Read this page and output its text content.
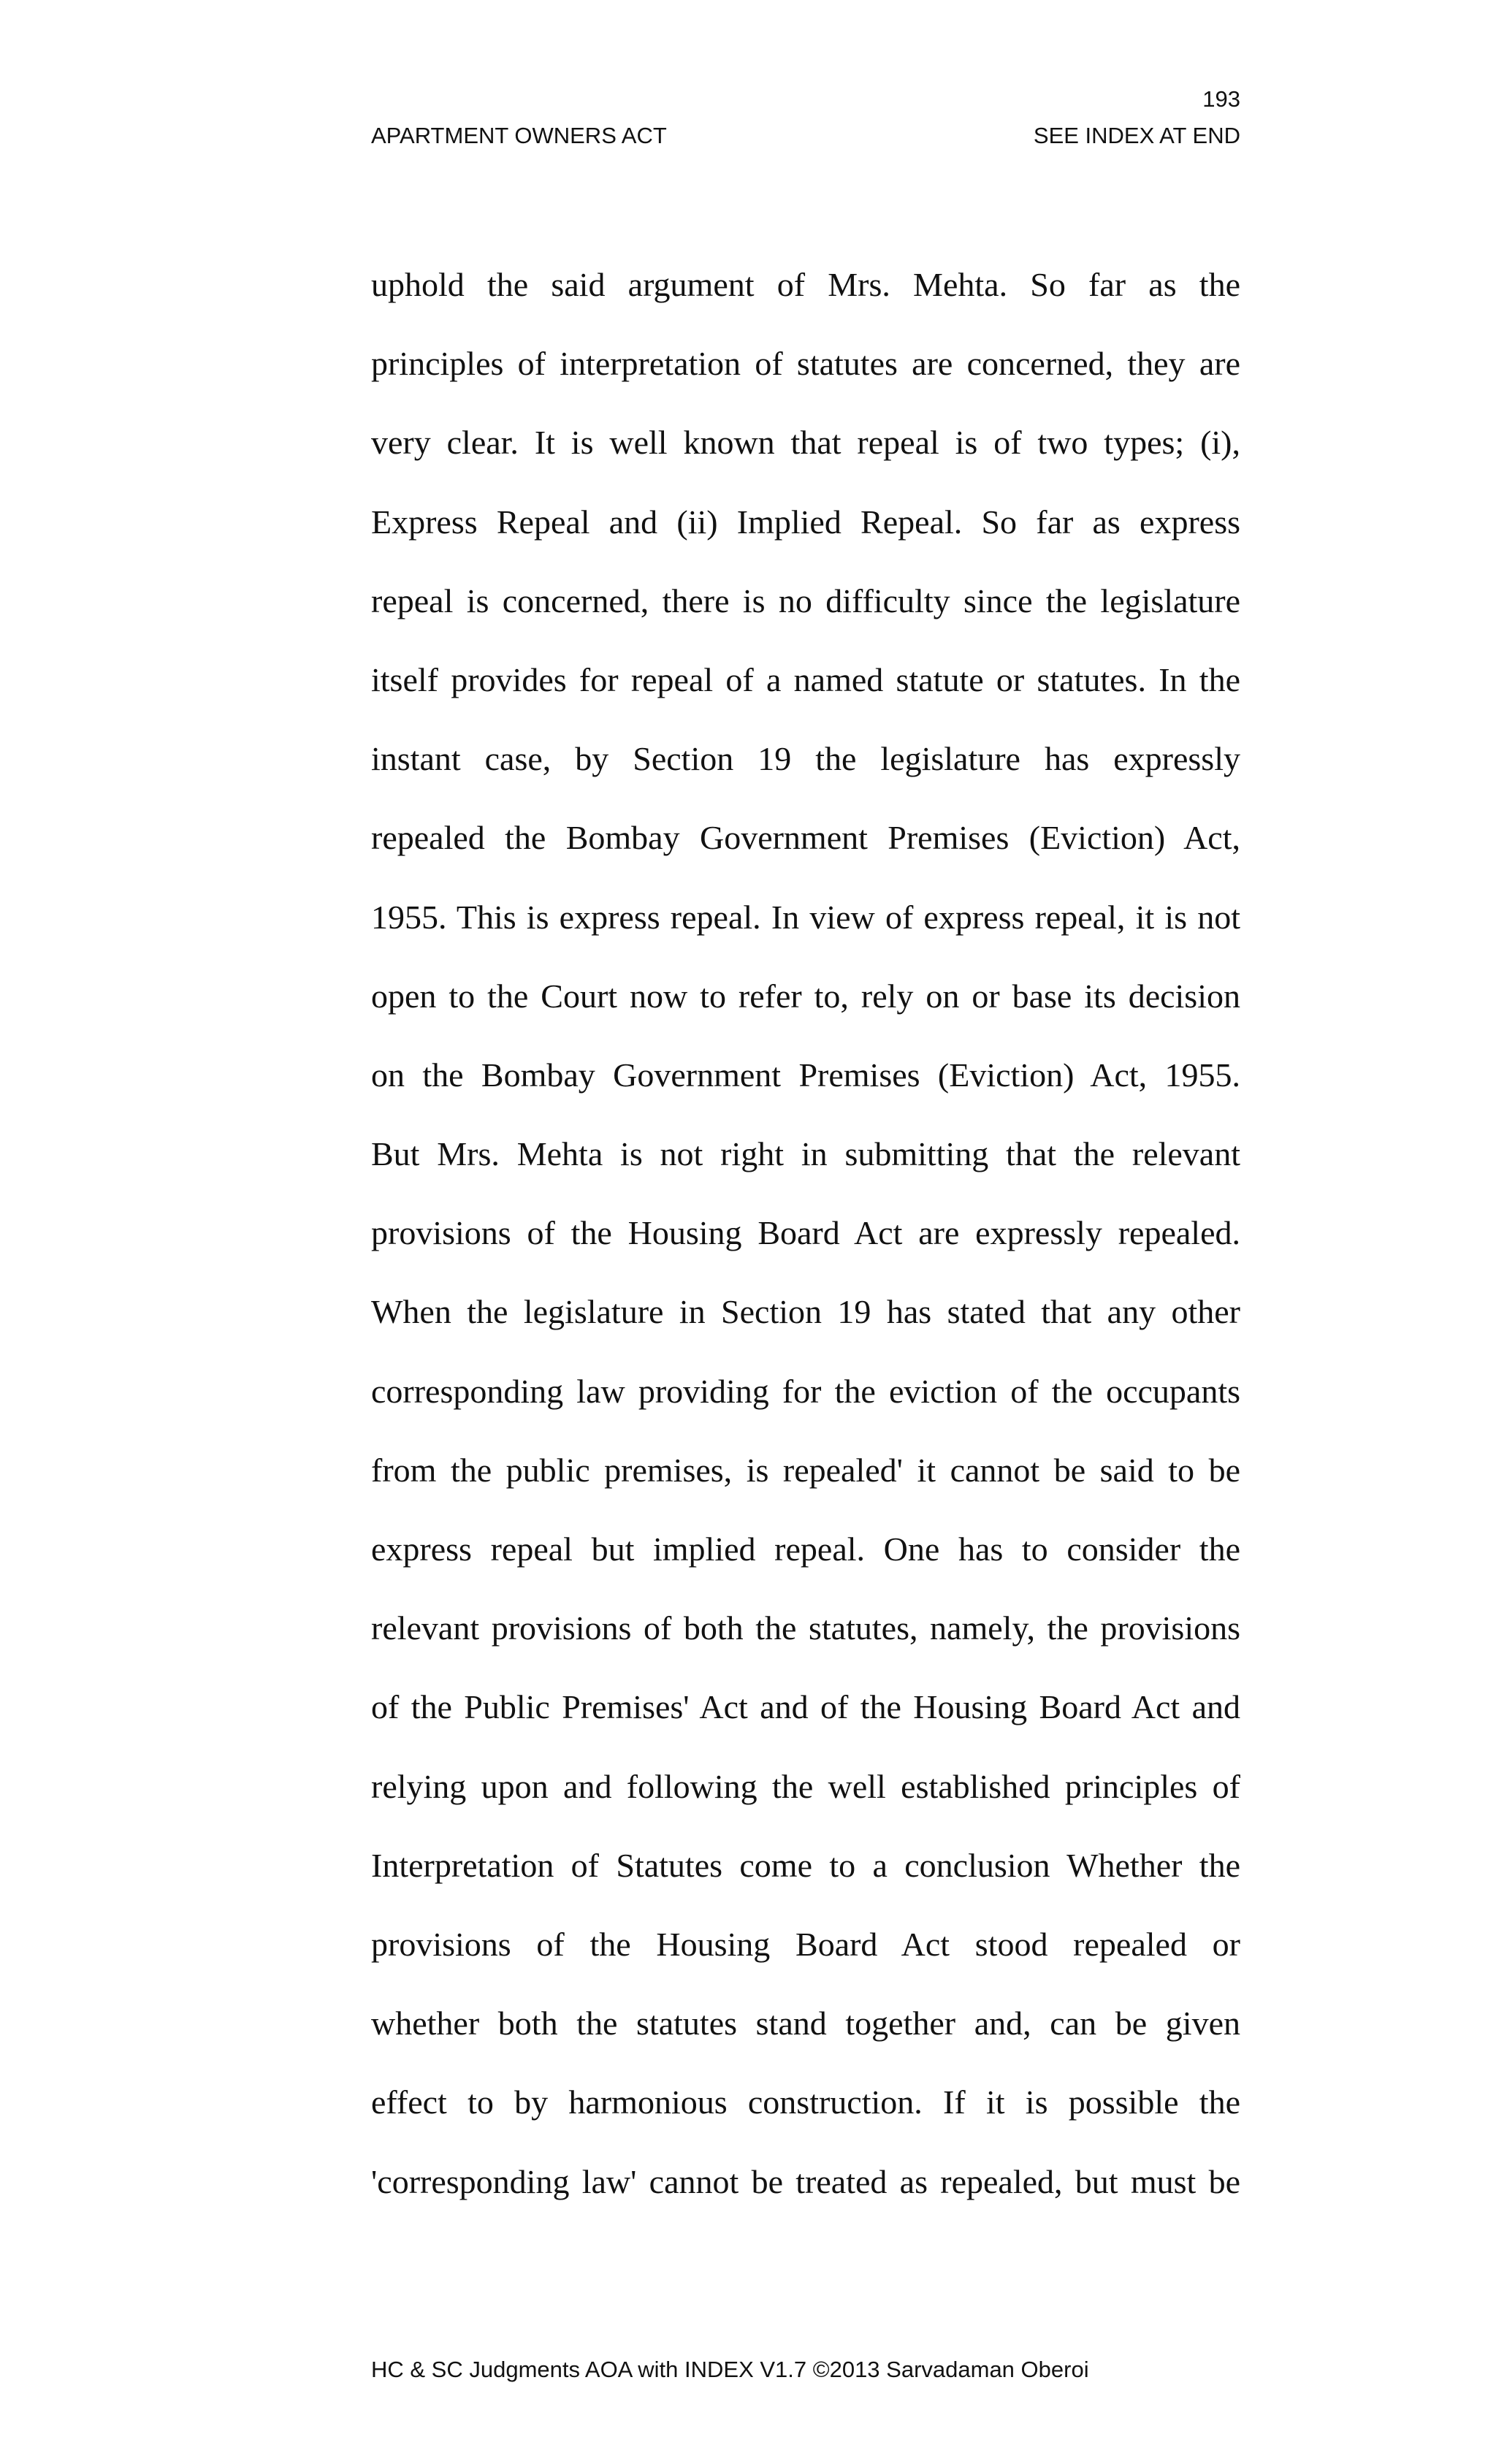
193
APARTMENT OWNERS ACT	SEE INDEX AT END
uphold the said argument of Mrs. Mehta. So far as the
principles of interpretation of statutes are concerned, they are
very clear. It is well known that repeal is of two types; (i),
Express Repeal and (ii) Implied Repeal. So far as express
repeal is concerned, there is no difficulty since the legislature
itself provides for repeal of a named statute or statutes. In the
instant case, by Section 19 the legislature has expressly
repealed the Bombay Government Premises (Eviction) Act,
1955. This is express repeal. In view of express repeal, it is not
open to the Court now to refer to, rely on or base its decision
on the Bombay Government Premises (Eviction) Act, 1955.
But Mrs. Mehta is not right in submitting that the relevant
provisions of the Housing Board Act are expressly repealed.
When the legislature in Section 19 has stated that any other
corresponding law providing for the eviction of the occupants
from the public premises, is repealed' it cannot be said to be
express repeal but implied repeal. One has to consider the
relevant provisions of both the statutes, namely, the provisions
of the Public Premises' Act and of the Housing Board Act and
relying upon and following the well established principles of
Interpretation of Statutes come to a conclusion Whether the
provisions of the Housing Board Act stood repealed or
whether both the statutes stand together and, can be given
effect to by harmonious construction. If it is possible the
'corresponding law' cannot be treated as repealed, but must be
HC & SC Judgments AOA with INDEX V1.7 ©2013 Sarvadaman Oberoi
